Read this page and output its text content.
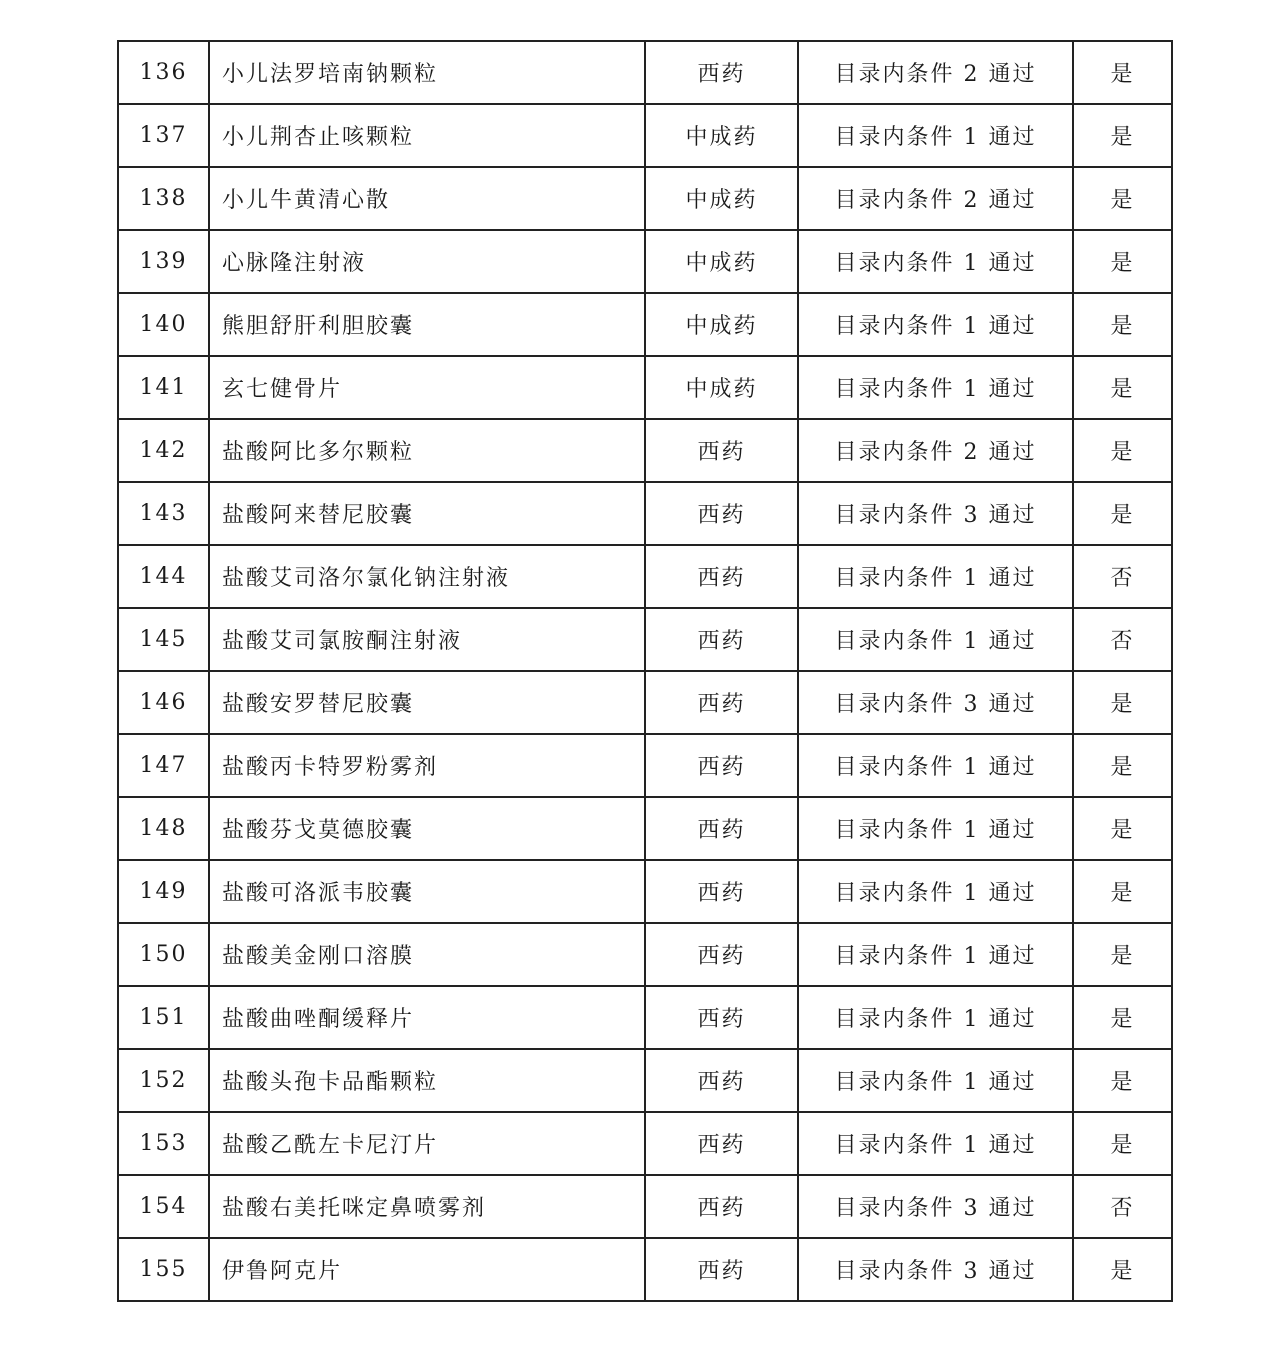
136	小儿法罗培南钠颗粒	西药	目录内条件 2 通过	是
137	小儿荆杏止咳颗粒	中成药	目录内条件 1 通过	是
138	小儿牛黄清心散	中成药	目录内条件 2 通过	是
139	心脉隆注射液	中成药	目录内条件 1 通过	是
140	熊胆舒肝利胆胶囊	中成药	目录内条件 1 通过	是
141	玄七健骨片	中成药	目录内条件 1 通过	是
142	盐酸阿比多尔颗粒	西药	目录内条件 2 通过	是
143	盐酸阿来替尼胶囊	西药	目录内条件 3 通过	是
144	盐酸艾司洛尔氯化钠注射液	西药	目录内条件 1 通过	否
145	盐酸艾司氯胺酮注射液	西药	目录内条件 1 通过	否
146	盐酸安罗替尼胶囊	西药	目录内条件 3 通过	是
147	盐酸丙卡特罗粉雾剂	西药	目录内条件 1 通过	是
148	盐酸芬戈莫德胶囊	西药	目录内条件 1 通过	是
149	盐酸可洛派韦胶囊	西药	目录内条件 1 通过	是
150	盐酸美金刚口溶膜	西药	目录内条件 1 通过	是
151	盐酸曲唑酮缓释片	西药	目录内条件 1 通过	是
152	盐酸头孢卡品酯颗粒	西药	目录内条件 1 通过	是
153	盐酸乙酰左卡尼汀片	西药	目录内条件 1 通过	是
154	盐酸右美托咪定鼻喷雾剂	西药	目录内条件 3 通过	否
155	伊鲁阿克片	西药	目录内条件 3 通过	是
